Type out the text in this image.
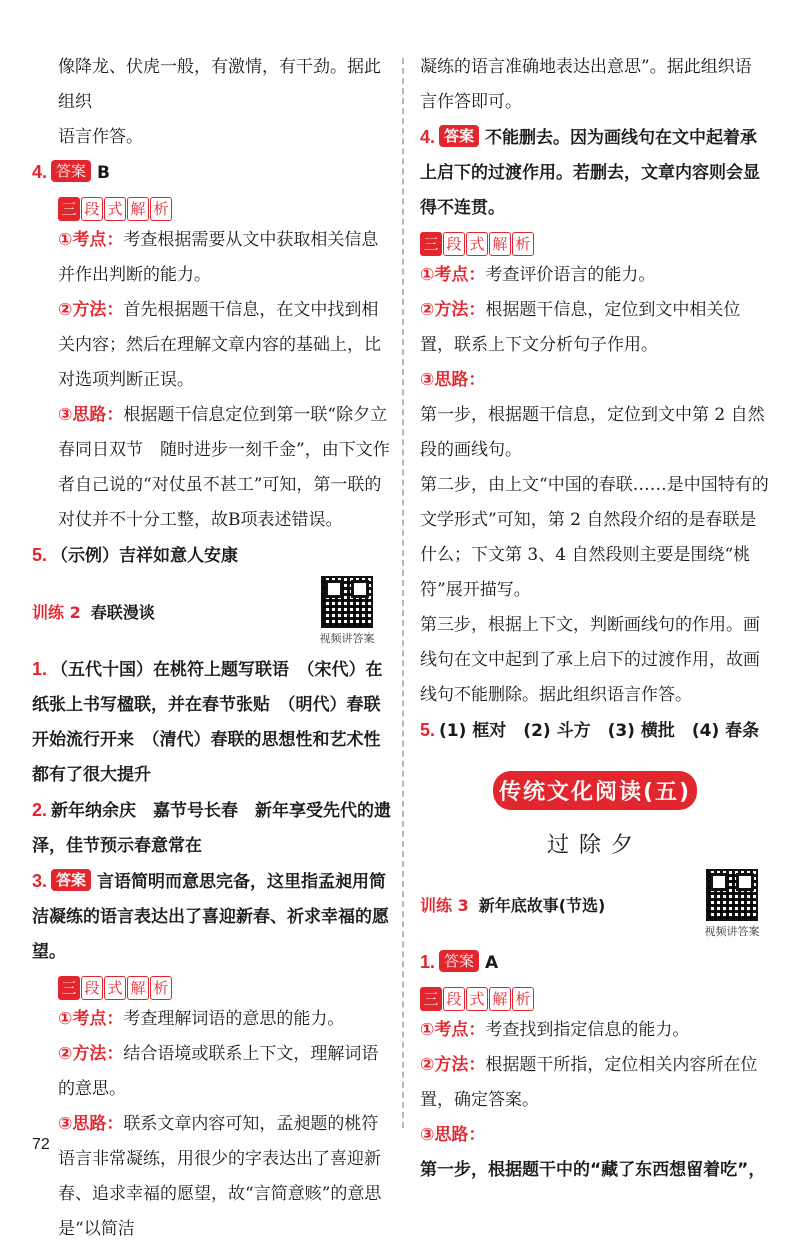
像降龙、伏虎一般，有激情，有干劲。据此组织

语言作答。

4. 答案 B

三 段 式 解 析

①考点：考查根据需要从文中获取相关信息并作出判断的能力。

②方法：首先根据题干信息，在文中找到相关内容；然后在理解文章内容的基础上，比对选项判断正误。

③思路：根据题干信息定位到第一联“除夕立春同日双节　随时进步一刻千金”，由下文作者自己说的“对仗虽不甚工”可知，第一联的对仗并不十分工整，故B项表述错误。

5. （示例）吉祥如意人安康

训练 2 春联漫谈

视频讲答案

1. （五代十国）在桃符上题写联语　（宋代）在纸张上书写楹联，并在春节张贴　（明代）春联开始流行开来　（清代）春联的思想性和艺术性都有了很大提升

2. 新年纳余庆　嘉节号长春　新年享受先代的遗泽，佳节预示春意常在

3. 答案 言语简明而意思完备，这里指孟昶用简洁凝练的语言表达出了喜迎新春、祈求幸福的愿望。

三 段 式 解 析

①考点：考查理解词语的意思的能力。

②方法：结合语境或联系上下文，理解词语的意思。

③思路：联系文章内容可知，孟昶题的桃符语言非常凝练，用很少的字表达出了喜迎新春、追求幸福的愿望，故“言简意赅”的意思是“以简洁

凝练的语言准确地表达出意思”。据此组织语

言作答即可。

4. 答案 不能删去。因为画线句在文中起着承上启下的过渡作用。若删去，文章内容则会显得不连贯。

三 段 式 解 析

①考点：考查评价语言的能力。

②方法：根据题干信息，定位到文中相关位置，联系上下文分析句子作用。

③思路：

第一步，根据题干信息，定位到文中第 2 自然段的画线句。

第二步，由上文“中国的春联……是中国特有的文学形式”可知，第 2 自然段介绍的是春联是什么；下文第 3、4 自然段则主要是围绕“桃符”展开描写。

第三步，根据上下文，判断画线句的作用。画线句在文中起到了承上启下的过渡作用，故画线句不能删除。据此组织语言作答。

5. (1) 框对　(2) 斗方　(3) 横批　(4) 春条

传统文化阅读(五)
过除夕

训练 3 新年底故事(节选)

视频讲答案

1. 答案 A

三 段 式 解 析

①考点：考查找到指定信息的能力。

②方法：根据题干所指，定位相关内容所在位置，确定答案。

③思路：

第一步，根据题干中的“藏了东西想留着吃”，

72
